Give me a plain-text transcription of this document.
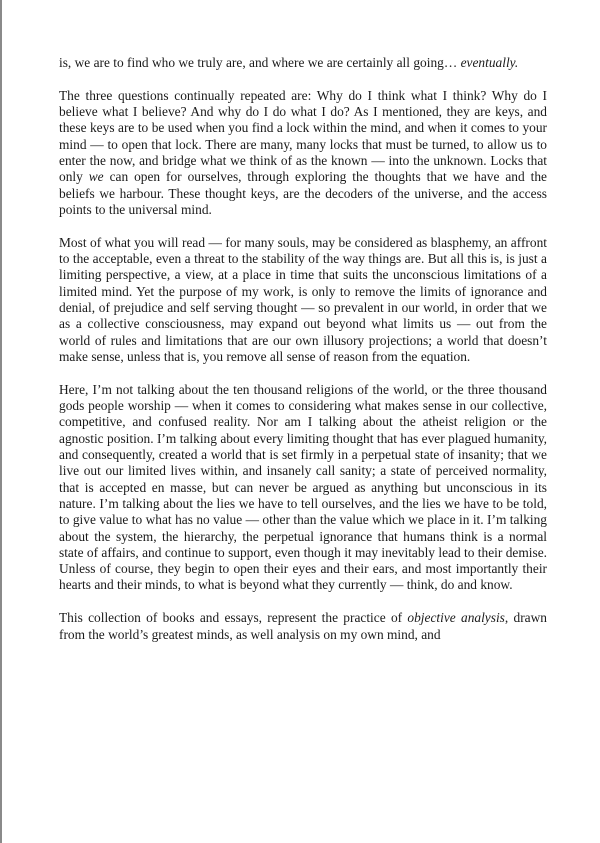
is, we are to find who we truly are, and where we are certainly all going… eventually.

The three questions continually repeated are: Why do I think what I think? Why do I believe what I believe? And why do I do what I do? As I mentioned, they are keys, and these keys are to be used when you find a lock within the mind, and when it comes to your mind — to open that lock. There are many, many locks that must be turned, to allow us to enter the now, and bridge what we think of as the known — into the unknown. Locks that only we can open for ourselves, through exploring the thoughts that we have and the beliefs we harbour. These thought keys, are the decoders of the universe, and the access points to the universal mind.

Most of what you will read — for many souls, may be considered as blasphemy, an affront to the acceptable, even a threat to the stability of the way things are. But all this is, is just a limiting perspective, a view, at a place in time that suits the unconscious limitations of a limited mind. Yet the purpose of my work, is only to remove the limits of ignorance and denial, of prejudice and self serving thought — so prevalent in our world, in order that we as a collective consciousness, may expand out beyond what limits us — out from the world of rules and limitations that are our own illusory projections; a world that doesn’t make sense, unless that is, you remove all sense of reason from the equation.

Here, I’m not talking about the ten thousand religions of the world, or the three thousand gods people worship — when it comes to considering what makes sense in our collective, competitive, and confused reality. Nor am I talking about the atheist religion or the agnostic position. I’m talking about every limiting thought that has ever plagued humanity, and consequently, created a world that is set firmly in a perpetual state of insanity; that we live out our limited lives within, and insanely call sanity; a state of perceived normality, that is accepted en masse, but can never be argued as anything but unconscious in its nature. I’m talking about the lies we have to tell ourselves, and the lies we have to be told, to give value to what has no value — other than the value which we place in it. I’m talking about the system, the hierarchy, the perpetual ignorance that humans think is a normal state of affairs, and continue to support, even though it may inevitably lead to their demise. Unless of course, they begin to open their eyes and their ears, and most importantly their hearts and their minds, to what is beyond what they currently — think, do and know.

This collection of books and essays, represent the practice of objective analysis, drawn from the world’s greatest minds, as well analysis on my own mind, and
